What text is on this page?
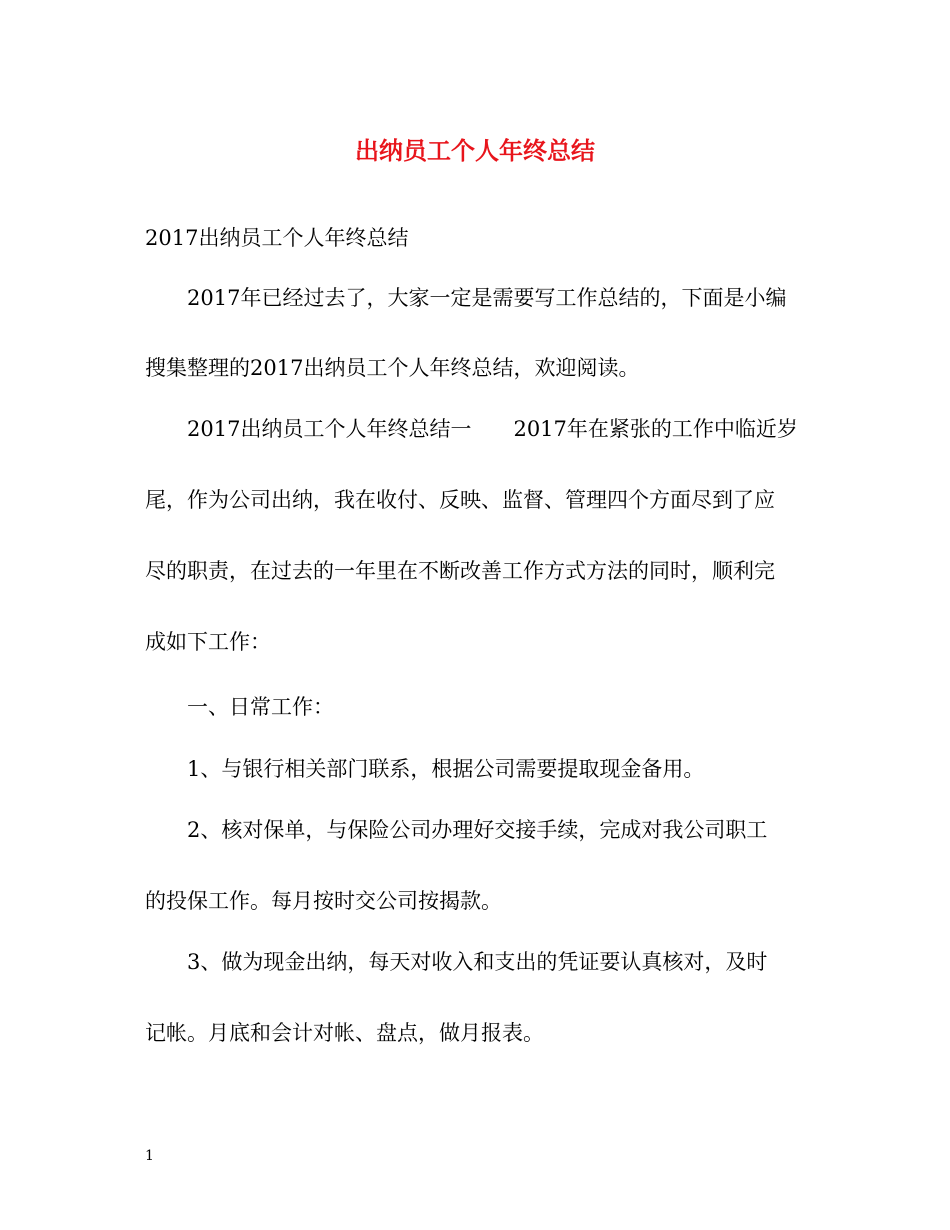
出纳员工个人年终总结

2017出纳员工个人年终总结

2017年已经过去了，大家一定是需要写工作总结的，下面是小编

搜集整理的2017出纳员工个人年终总结，欢迎阅读。

2017出纳员工个人年终总结一 2017年在紧张的工作中临近岁

尾，作为公司出纳，我在收付、反映、监督、管理四个方面尽到了应

尽的职责，在过去的一年里在不断改善工作方式方法的同时，顺利完

成如下工作：

一、日常工作：

1、与银行相关部门联系，根据公司需要提取现金备用。

2、核对保单，与保险公司办理好交接手续，完成对我公司职工

的投保工作。每月按时交公司按揭款。

3、做为现金出纳，每天对收入和支出的凭证要认真核对，及时

记帐。月底和会计对帐、盘点，做月报表。

1
